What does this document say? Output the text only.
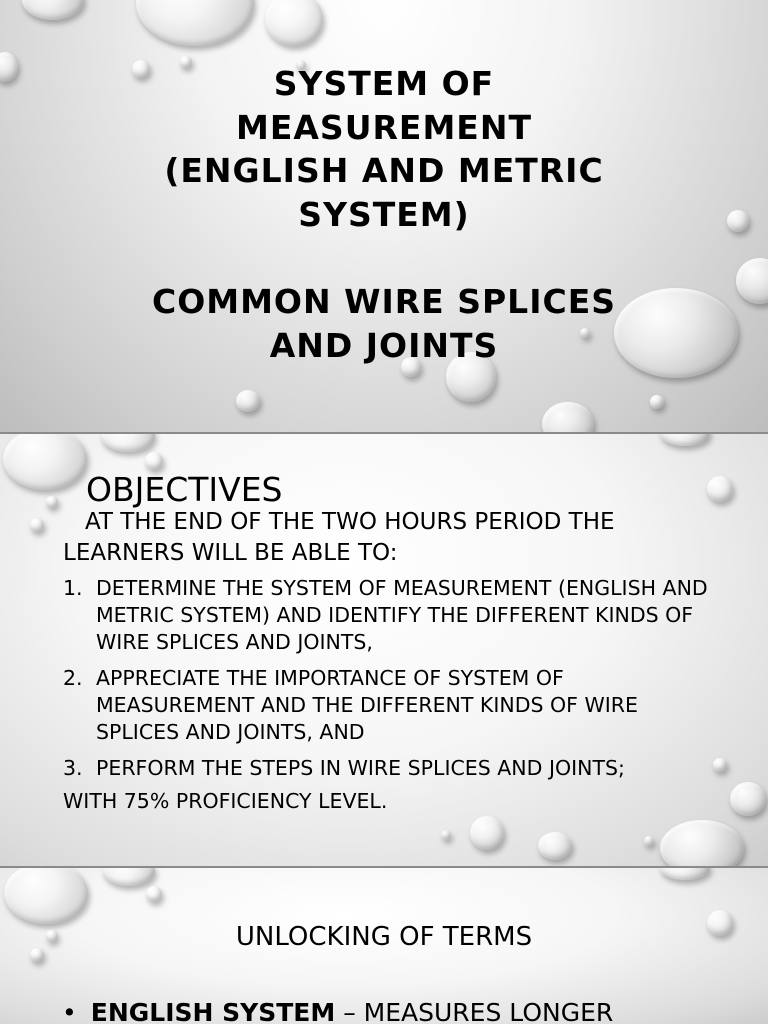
SYSTEM OF
MEASUREMENT
(ENGLISH AND METRIC
SYSTEM)
COMMON WIRE SPLICES
AND JOINTS
OBJECTIVES

AT THE END OF THE TWO HOURS PERIOD THE LEARNERS WILL BE ABLE TO:

1. DETERMINE THE SYSTEM OF MEASUREMENT (ENGLISH AND METRIC SYSTEM) AND IDENTIFY THE DIFFERENT KINDS OF WIRE SPLICES AND JOINTS,
2. APPRECIATE THE IMPORTANCE OF SYSTEM OF MEASUREMENT AND THE DIFFERENT KINDS OF WIRE SPLICES AND JOINTS, AND
3. PERFORM THE STEPS IN WIRE SPLICES AND JOINTS;

WITH 75% PROFICIENCY LEVEL.

UNLOCKING OF TERMS

• ENGLISH SYSTEM – MEASURES LONGER
